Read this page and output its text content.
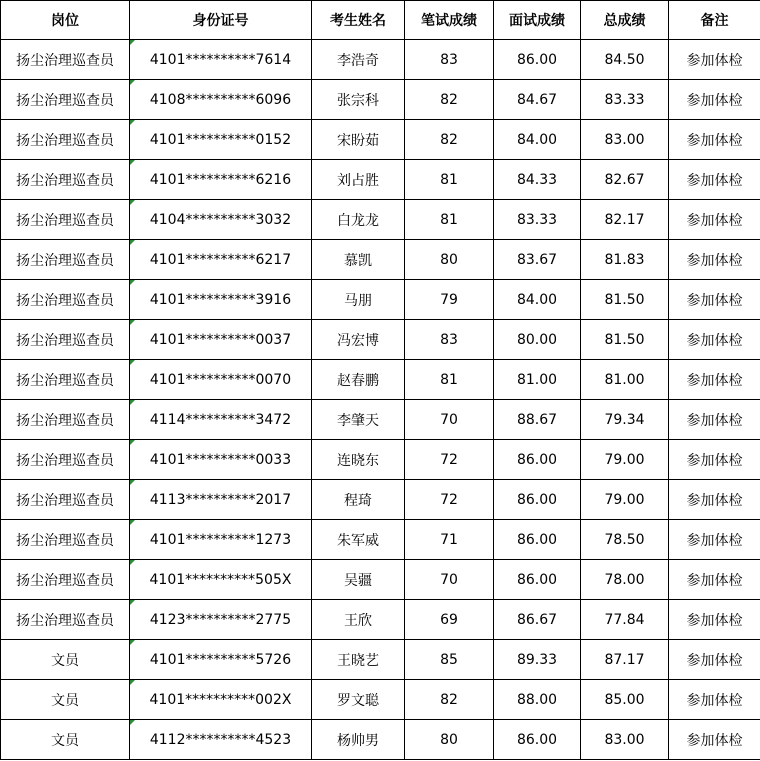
岗位	身份证号	考生姓名	笔试成绩	面试成绩	总成绩	备注
扬尘治理巡查员	4101**********7614	李浩奇	83	86.00	84.50	参加体检
扬尘治理巡查员	4108**********6096	张宗科	82	84.67	83.33	参加体检
扬尘治理巡查员	4101**********0152	宋盼茹	82	84.00	83.00	参加体检
扬尘治理巡查员	4101**********6216	刘占胜	81	84.33	82.67	参加体检
扬尘治理巡查员	4104**********3032	白龙龙	81	83.33	82.17	参加体检
扬尘治理巡查员	4101**********6217	慕凯	80	83.67	81.83	参加体检
扬尘治理巡查员	4101**********3916	马朋	79	84.00	81.50	参加体检
扬尘治理巡查员	4101**********0037	冯宏博	83	80.00	81.50	参加体检
扬尘治理巡查员	4101**********0070	赵春鹏	81	81.00	81.00	参加体检
扬尘治理巡查员	4114**********3472	李肇天	70	88.67	79.34	参加体检
扬尘治理巡查员	4101**********0033	连晓东	72	86.00	79.00	参加体检
扬尘治理巡查员	4113**********2017	程琦	72	86.00	79.00	参加体检
扬尘治理巡查员	4101**********1273	朱军威	71	86.00	78.50	参加体检
扬尘治理巡查员	4101**********505X	吴疆	70	86.00	78.00	参加体检
扬尘治理巡查员	4123**********2775	王欣	69	86.67	77.84	参加体检
文员	4101**********5726	王晓艺	85	89.33	87.17	参加体检
文员	4101**********002X	罗文聪	82	88.00	85.00	参加体检
文员	4112**********4523	杨帅男	80	86.00	83.00	参加体检
